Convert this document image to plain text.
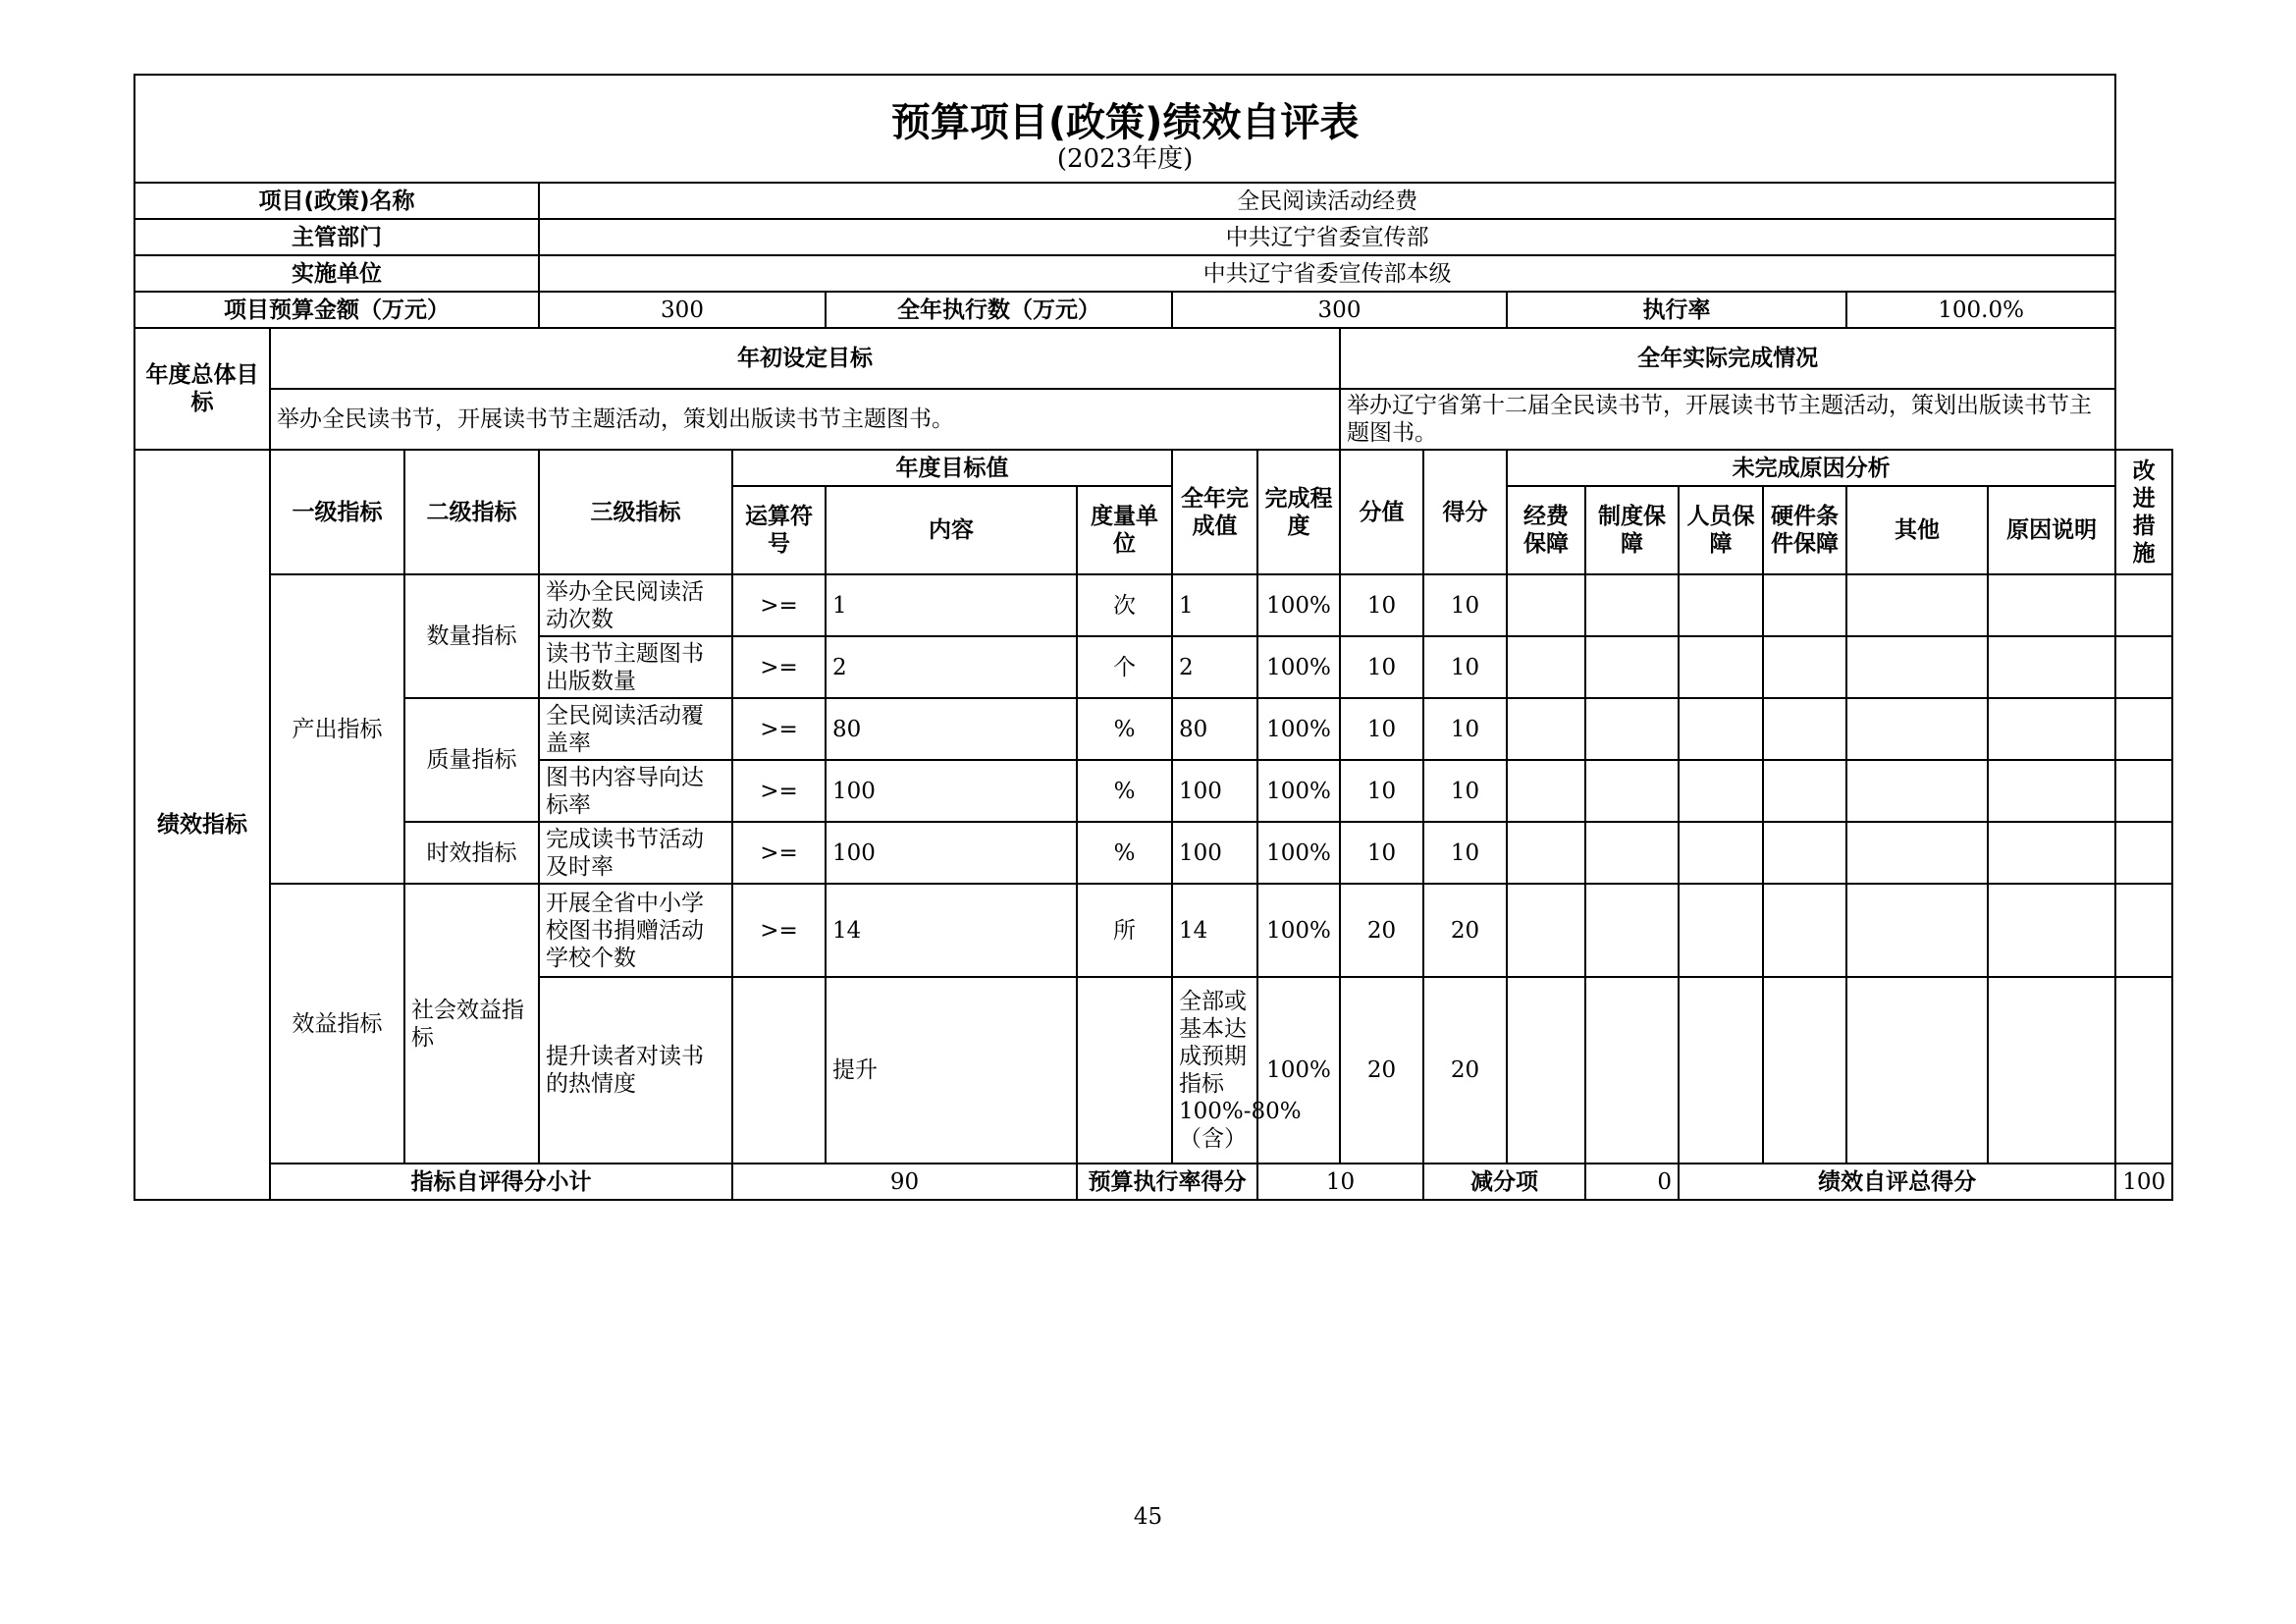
预算项目(政策)绩效自评表																	
(2023年度)																	
项目(政策)名称			全民阅读活动经费														
主管部门			中共辽宁省委宣传部														
实施单位			中共辽宁省委宣传部本级														
项目预算金额（万元）			300		全年执行数（万元）		300				执行率				100.0%		
年度总体目标	年初设定目标								全年实际完成情况								
	举办全民读书节，开展读书节主题活动，策划出版读书节主题图书。								举办辽宁省第十二届全民读书节，开展读书节主题活动，策划出版读书节主题图书。								
绩效指标	一级指标	二级指标	三级指标	年度目标值			全年完成值	完成程度	分值	得分	未完成原因分析						改进措施
				运算符号	内容	度量单位					经费保障	制度保障	人员保障	硬件条件保障	其他	原因说明	
	产出指标	数量指标	举办全民阅读活动次数	>=	1	次	1	100%	10	10							
			读书节主题图书出版数量	>=	2	个	2	100%	10	10							
		质量指标	全民阅读活动覆盖率	>=	80	%	80	100%	10	10							
			图书内容导向达标率	>=	100	%	100	100%	10	10							
		时效指标	完成读书节活动及时率	>=	100	%	100	100%	10	10							
	效益指标	社会效益指标	开展全省中小学校图书捐赠活动学校个数	>=	14	所	14	100%	20	20							
			提升读者对读书的热情度		提升		全部或基本达成预期指标100%-80%（含）	100%	20	20							
	指标自评得分小计			90		预算执行率得分		10		减分项		0	绩效自评总得分				100
45
